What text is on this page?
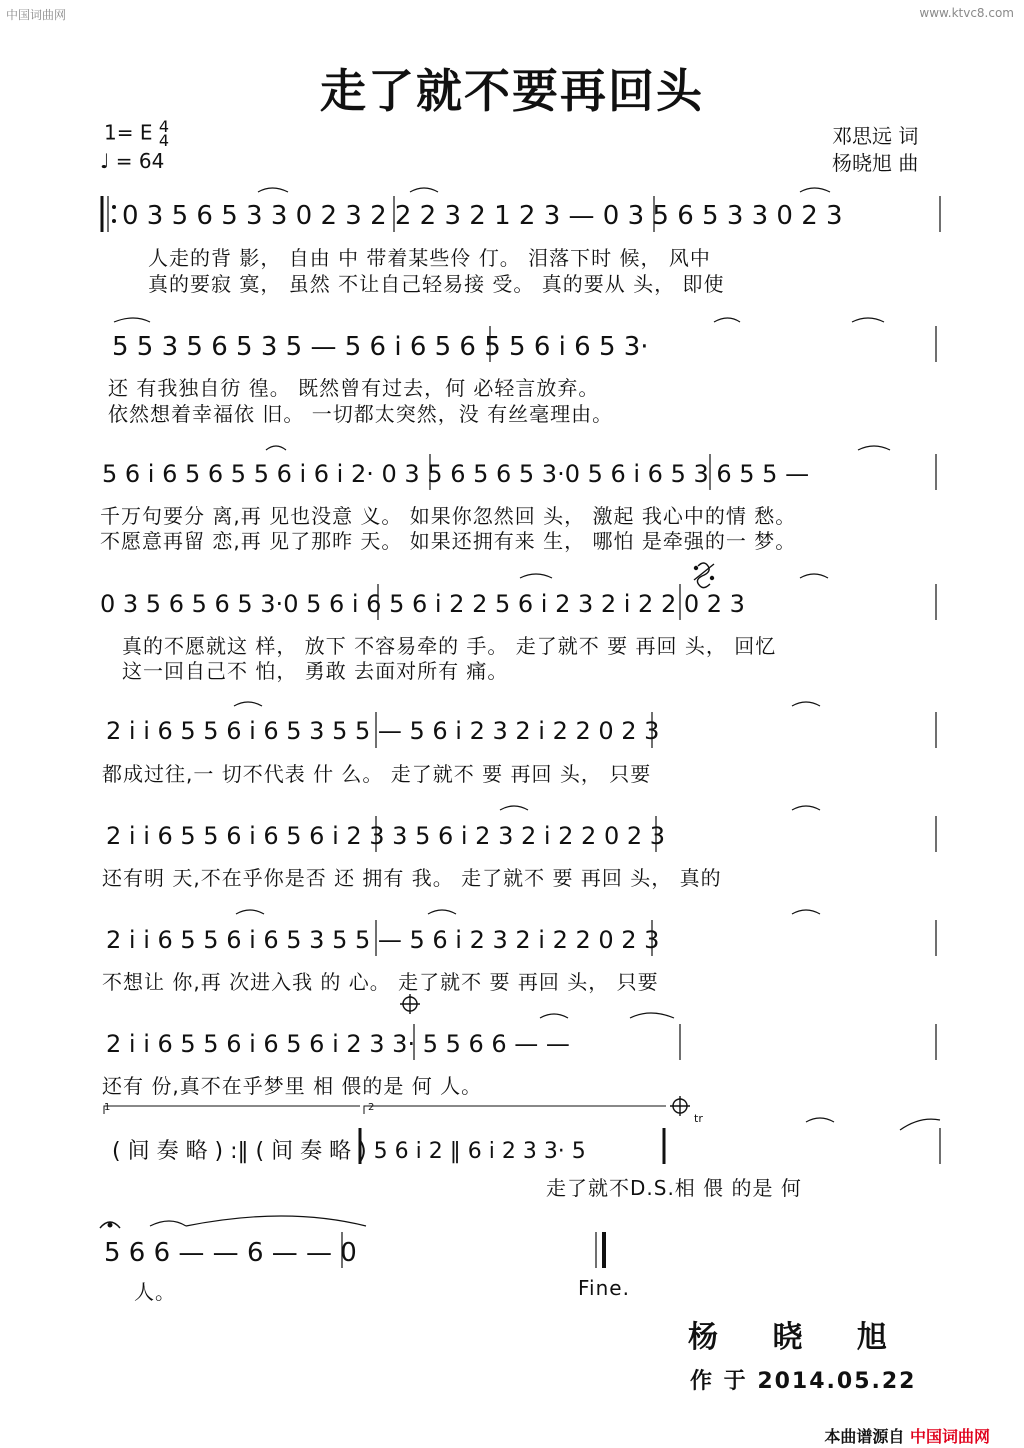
中国词曲网	www.ktvc8.com
走了就不要再回头
1= E 4
4
♩ = 64
邓思远 词
杨晓旭 曲
0 3 5 6 5 3 3 0 2 3 2 2 2 3 2 1 2 3 — 0 3 5 6 5 3 3 0 2 3
人走的背 影， 自由 中 带着某些伶 仃。 泪落下时 候， 风中
真的要寂 寞， 虽然 不让自己轻易接 受。 真的要从 头， 即使
5 5 3 5 6 5 3 5 — 5 6 i 6 5 6 5 5 6 i 6 5 3·
还 有我独自彷 徨。 既然曾有过去，何 必轻言放弃。
依然想着幸福依 旧。 一切都太突然，没 有丝毫理由。
5 6 i 6 5 6 5 5 6 i 6 i 2· 0 3 5 6 5 6 5 3·0 5 6 i 6 5 3 6 5 5 —
千万句要分 离,再 见也没意 义。 如果你忽然回 头， 激起 我心中的情 愁。
不愿意再留 恋,再 见了那昨 天。 如果还拥有来 生， 哪怕 是牵强的一 梦。
0 3 5 6 5 6 5 3·0 5 6 i 6 5 6 i 2 2 5 6 i 2 3 2 i 2 2 0 2 3
真的不愿就这 样， 放下 不容易牵的 手。 走了就不 要 再回 头， 回忆
这一回自己不 怕， 勇敢 去面对所有 痛。
2 i i 6 5 5 6 i 6 5 3 5 5 — 5 6 i 2 3 2 i 2 2 0 2 3
都成过往,一 切不代表 什 么。 走了就不 要 再回 头， 只要
2 i i 6 5 5 6 i 6 5 6 i 2 3 3 5 6 i 2 3 2 i 2 2 0 2 3
还有明 天,不在乎你是否 还 拥有 我。 走了就不 要 再回 头， 真的
2 i i 6 5 5 6 i 6 5 3 5 5 — 5 6 i 2 3 2 i 2 2 0 2 3
不想让 你,再 次进入我 的 心。 走了就不 要 再回 头， 只要
2 i i 6 5 5 6 i 6 5 6 i 2 3 3· 5 5 6 6 — —
还有 份,真不在乎梦里 相 偎的是 何 人。
( 间 奏 略 ) :‖ ( 间 奏 略 ) 5 6 i 2 ‖ 6 i 2 3 3· 5
走了就不D.S.相 偎 的是 何
5 6 6 — — 6 — — 0
人。	Fine.
1	2
tr
杨 晓 旭
作 于 2014.05.22
本曲谱源自 中国词曲网
